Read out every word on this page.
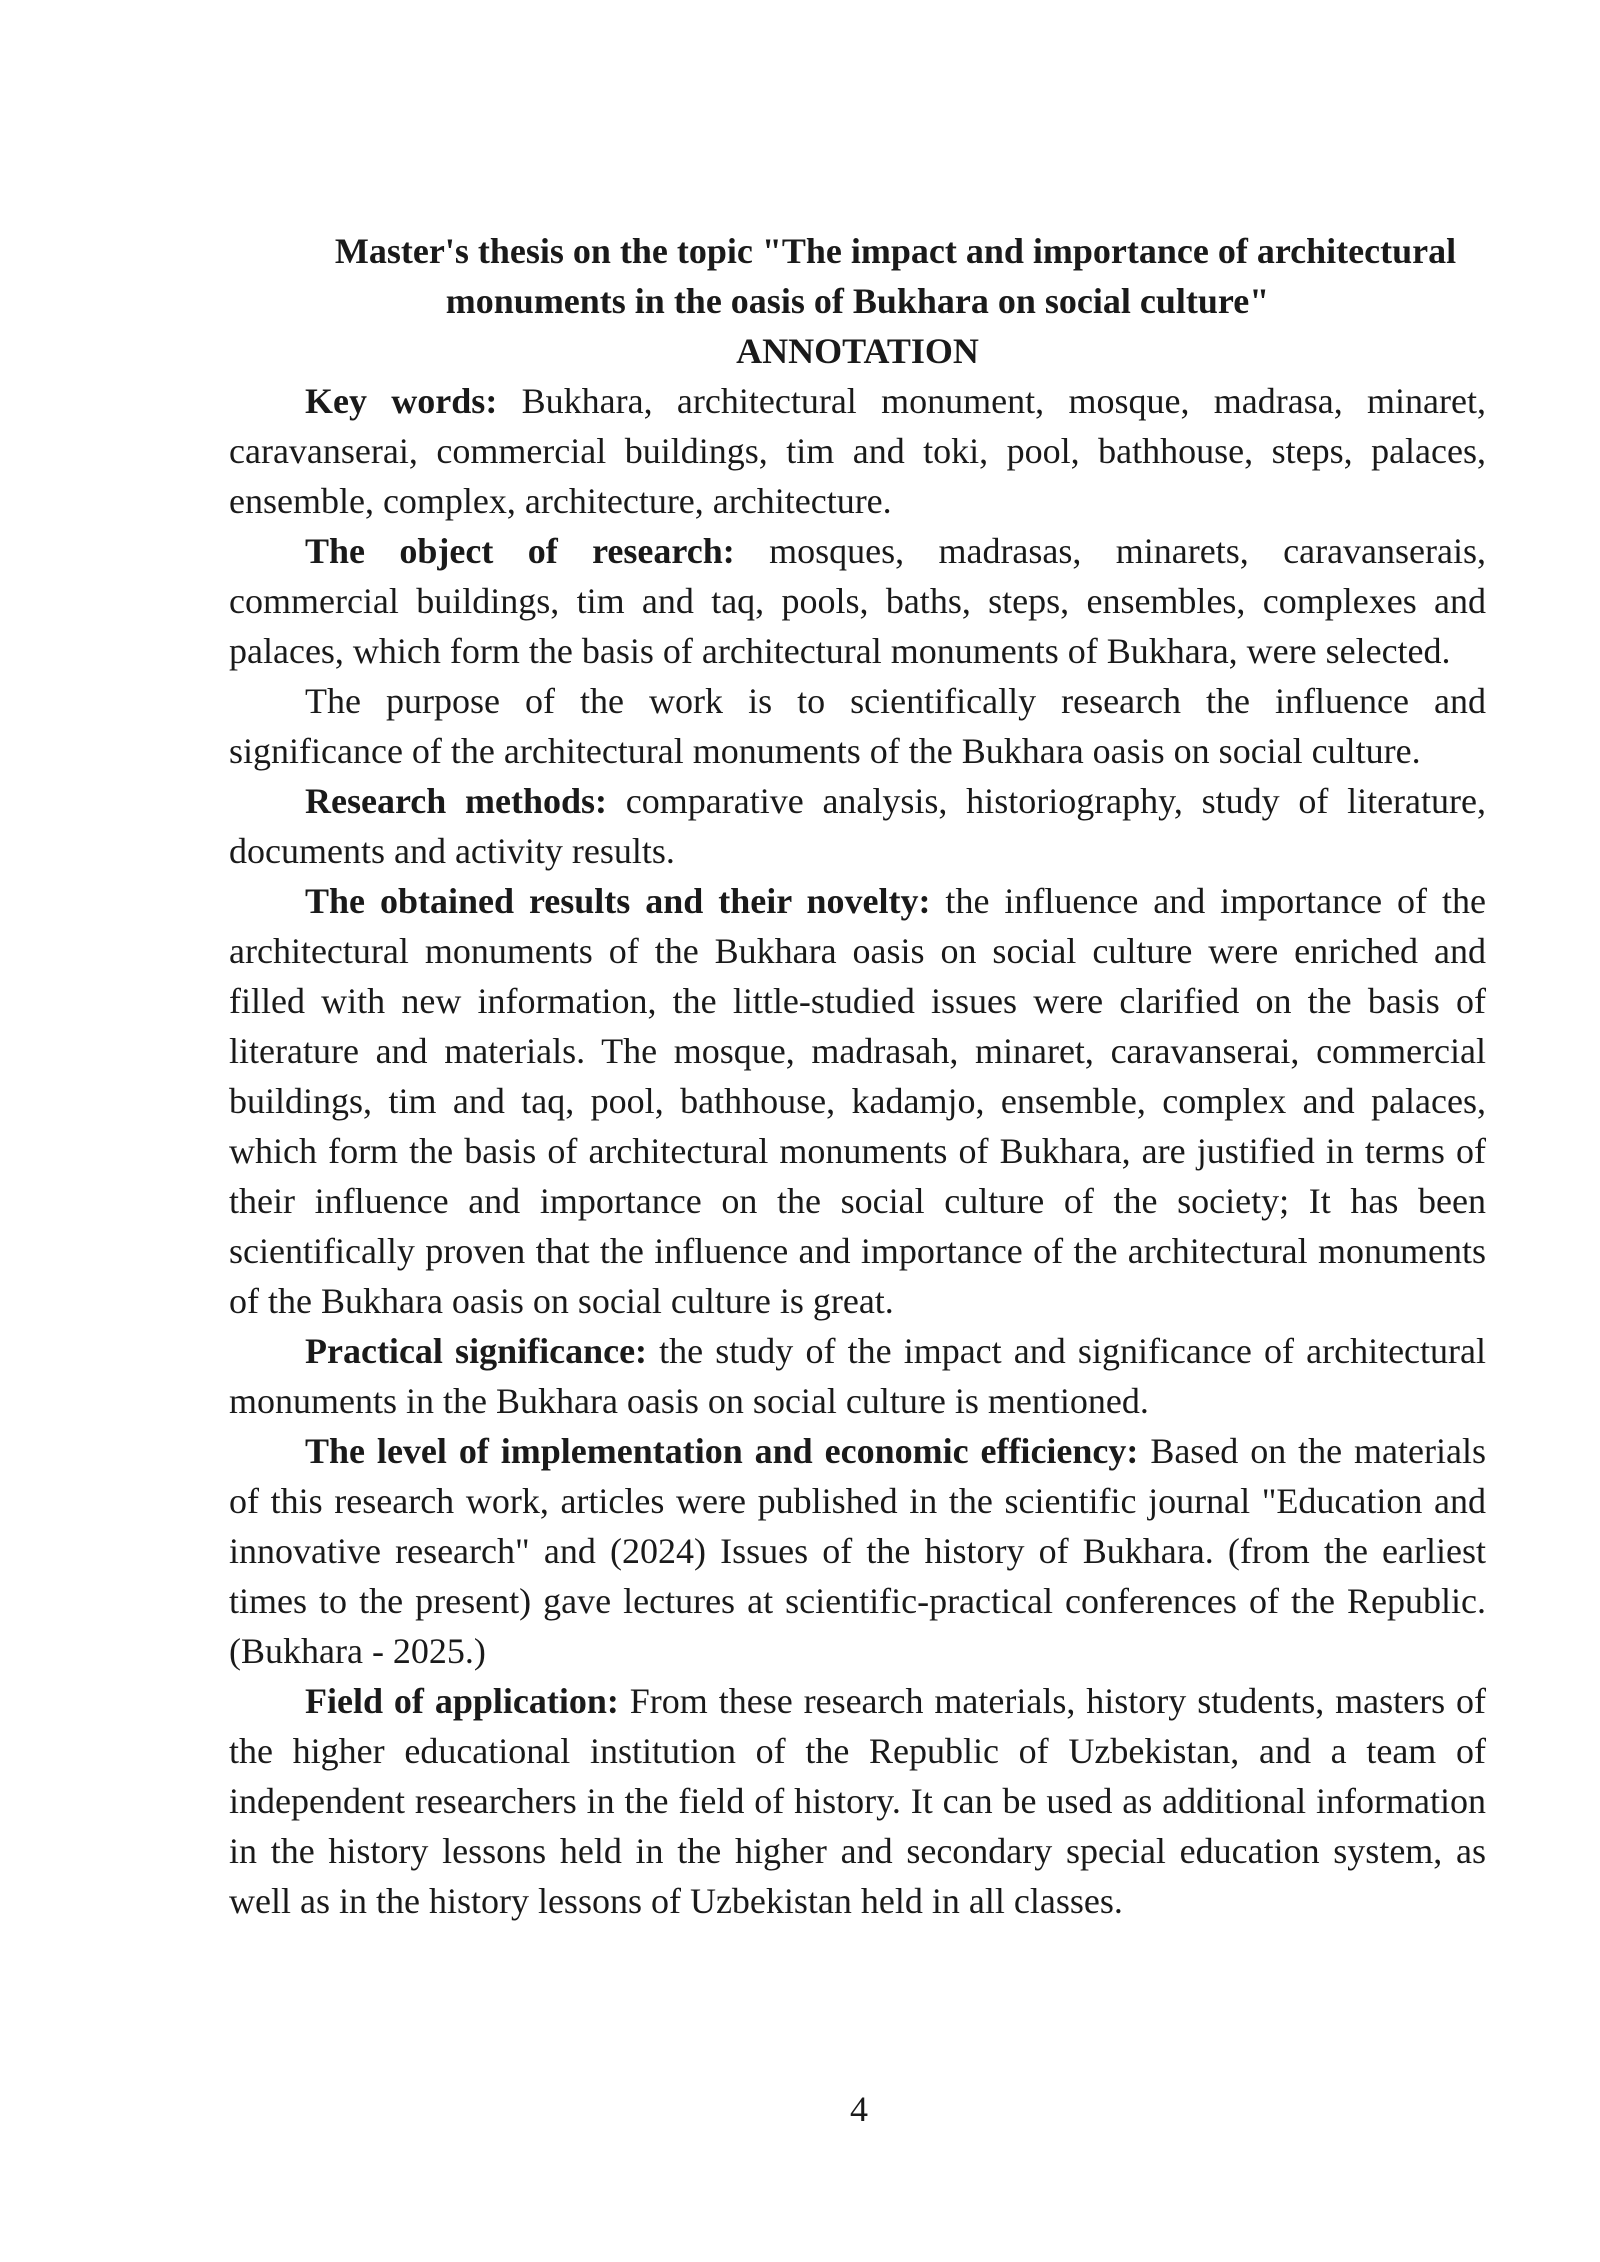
Master's thesis on the topic "The impact and importance of architectural
monuments in the oasis of Bukhara on social culture"
ANNOTATION

Key words: Bukhara, architectural monument, mosque, madrasa, minaret, caravanserai, commercial buildings, tim and toki, pool, bathhouse, steps, palaces, ensemble, complex, architecture, architecture.

The object of research: mosques, madrasas, minarets, caravanserais, commercial buildings, tim and taq, pools, baths, steps, ensembles, complexes and palaces, which form the basis of architectural monuments of Bukhara, were selected.

The purpose of the work is to scientifically research the influence and significance of the architectural monuments of the Bukhara oasis on social culture.

Research methods: comparative analysis, historiography, study of literature, documents and activity results.

The obtained results and their novelty: the influence and importance of the architectural monuments of the Bukhara oasis on social culture were enriched and filled with new information, the little-studied issues were clarified on the basis of literature and materials. The mosque, madrasah, minaret, caravanserai, commercial buildings, tim and taq, pool, bathhouse, kadamjo, ensemble, complex and palaces, which form the basis of architectural monuments of Bukhara, are justified in terms of their influence and importance on the social culture of the society; It has been scientifically proven that the influence and importance of the architectural monuments of the Bukhara oasis on social culture is great.

Practical significance: the study of the impact and significance of architectural monuments in the Bukhara oasis on social culture is mentioned.

The level of implementation and economic efficiency: Based on the materials of this research work, articles were published in the scientific journal "Education and innovative research" and (2024) Issues of the history of Bukhara. (from the earliest times to the present) gave lectures at scientific-practical conferences of the Republic. (Bukhara - 2025.)

Field of application: From these research materials, history students, masters of the higher educational institution of the Republic of Uzbekistan, and a team of independent researchers in the field of history. It can be used as additional information in the history lessons held in the higher and secondary special education system, as well as in the history lessons of Uzbekistan held in all classes.

4
